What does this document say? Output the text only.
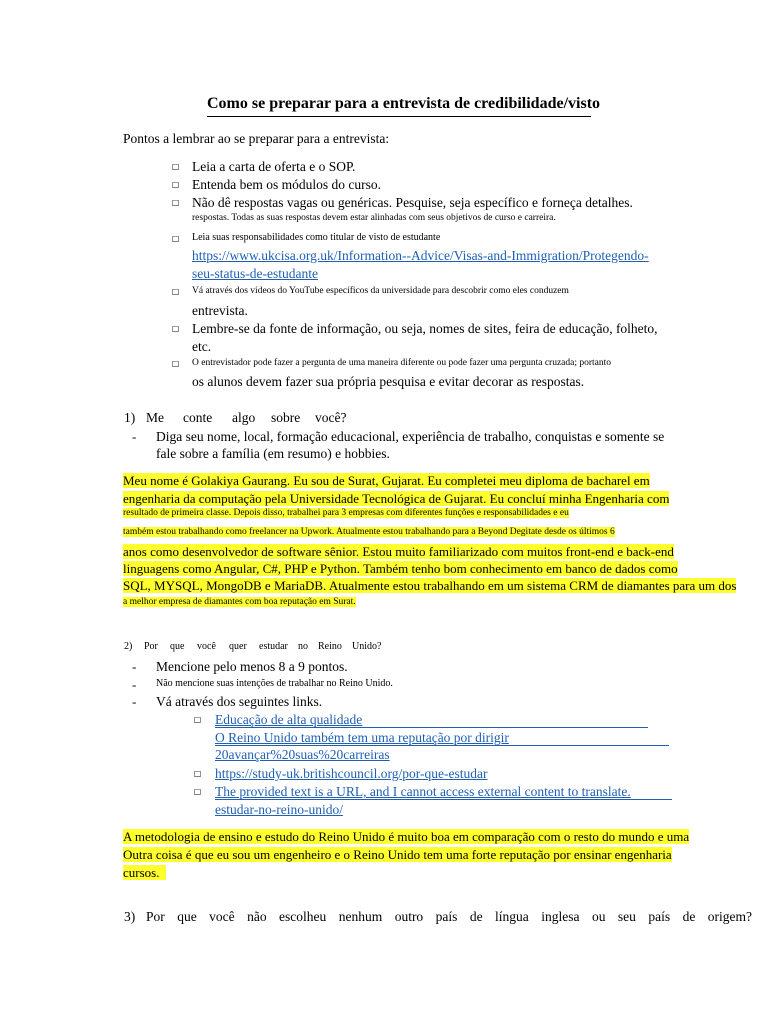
Como se preparar para a entrevista de credibilidade/visto
Pontos a lembrar ao se preparar para a entrevista:
☐ Leia a carta de oferta e o SOP.
☐ Entenda bem os módulos do curso.
☐ Não dê respostas vagas ou genéricas. Pesquise, seja específico e forneça detalhes.
respostas. Todas as suas respostas devem estar alinhadas com seus objetivos de curso e carreira.
☐ Leia suas responsabilidades como titular de visto de estudante
https://www.ukcisa.org.uk/Information--Advice/Visas-and-Immigration/Protegendo-
seu-status-de-estudante
☐ Vá através dos vídeos do YouTube específicos da universidade para descobrir como eles conduzem
entrevista.
☐ Lembre-se da fonte de informação, ou seja, nomes de sites, feira de educação, folheto,
etc.
☐ O entrevistador pode fazer a pergunta de uma maneira diferente ou pode fazer uma pergunta cruzada; portanto
os alunos devem fazer sua própria pesquisa e evitar decorar as respostas.
1) Me conte algo sobre você?
- Diga seu nome, local, formação educacional, experiência de trabalho, conquistas e somente se
fale sobre a família (em resumo) e hobbies.
Meu nome é Golakiya Gaurang. Eu sou de Surat, Gujarat. Eu completei meu diploma de bacharel em
engenharia da computação pela Universidade Tecnológica de Gujarat. Eu concluí minha Engenharia com
resultado de primeira classe. Depois disso, trabalhei para 3 empresas com diferentes funções e responsabilidades e eu
também estou trabalhando como freelancer na Upwork. Atualmente estou trabalhando para a Beyond Degitate desde os últimos 6
anos como desenvolvedor de software sênior. Estou muito familiarizado com muitos front-end e back-end
linguagens como Angular, C#, PHP e Python. Também tenho bom conhecimento em banco de dados como
SQL, MYSQL, MongoDB e MariaDB. Atualmente estou trabalhando em um sistema CRM de diamantes para um dos
a melhor empresa de diamantes com boa reputação em Surat.
2) Por que você quer estudar no Reino Unido?
- Mencione pelo menos 8 a 9 pontos.
- Não mencione suas intenções de trabalhar no Reino Unido.
- Vá através dos seguintes links.
☐ Educação de alta qualidade
O Reino Unido também tem uma reputação por dirigir
20avançar%20suas%20carreiras
☐ https://study-uk.britishcouncil.org/por-que-estudar
☐ The provided text is a URL, and I cannot access external content to translate.
estudar-no-reino-unido/
A metodologia de ensino e estudo do Reino Unido é muito boa em comparação com o resto do mundo e uma
Outra coisa é que eu sou um engenheiro e o Reino Unido tem uma forte reputação por ensinar engenharia
cursos.
3) Por que você não escolheu nenhum outro país de língua inglesa ou seu país de origem?
